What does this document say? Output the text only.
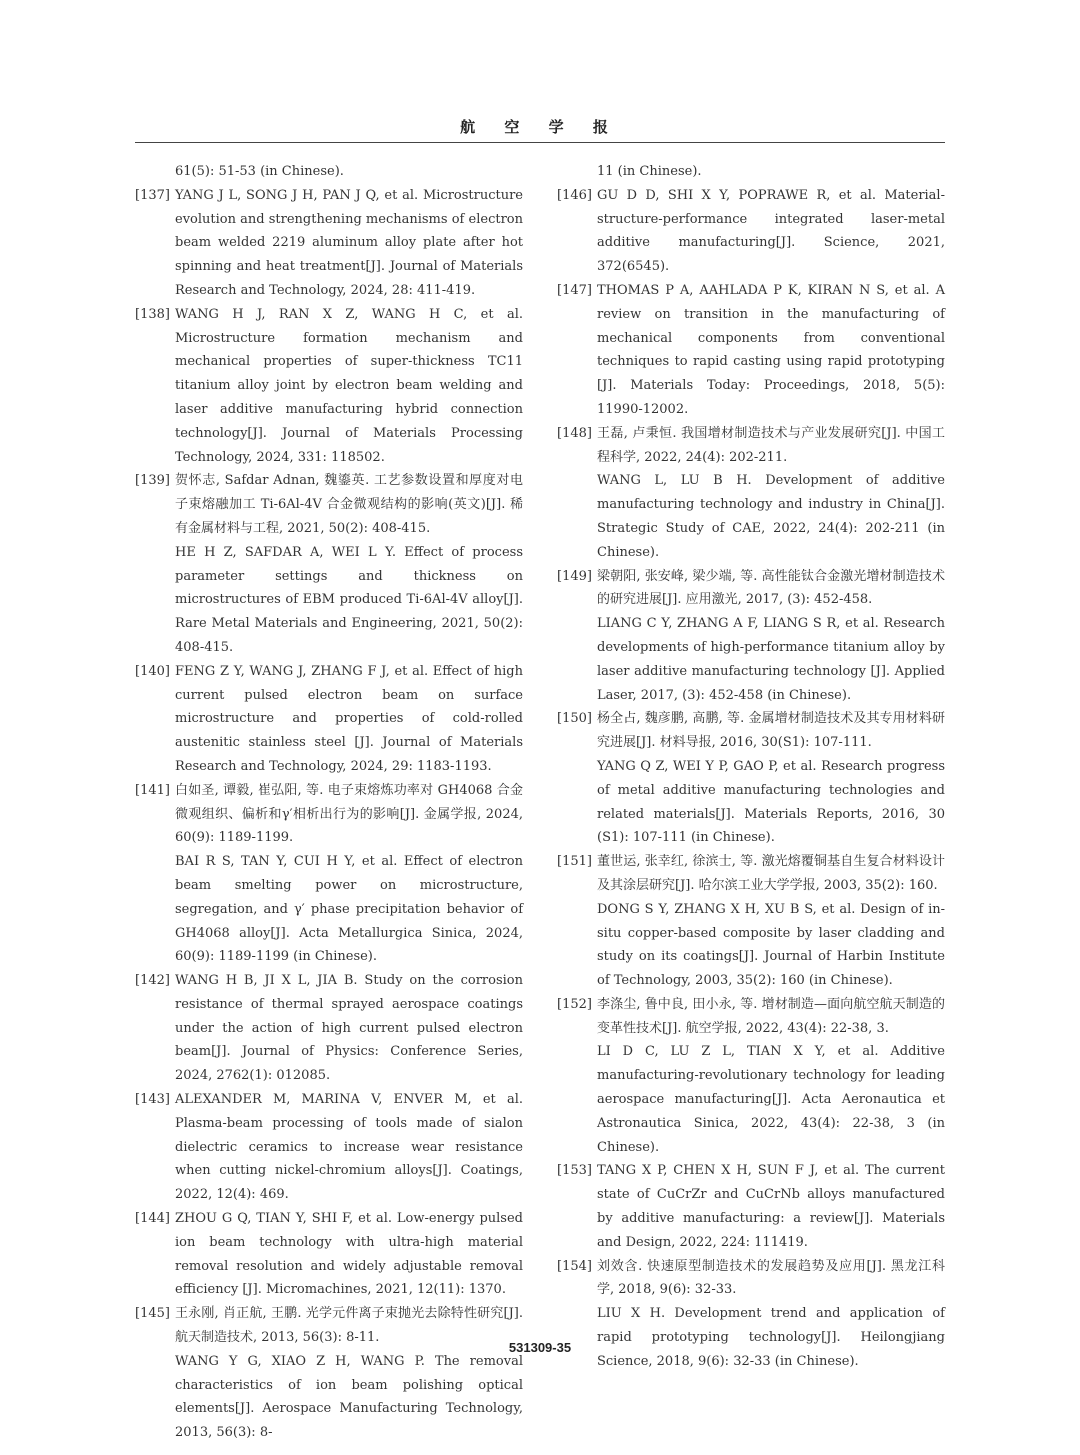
航 空 学 报
61(5): 51-53 (in Chinese).
[137] YANG J L, SONG J H, PAN J Q, et al. Microstructure evolution and strengthening mechanisms of electron beam welded 2219 aluminum alloy plate after hot spinning and heat treatment[J]. Journal of Materials Research and Technology, 2024, 28: 411-419.

[138] WANG H J, RAN X Z, WANG H C, et al. Microstructure formation mechanism and mechanical properties of super-thickness TC11 titanium alloy joint by electron beam welding and laser additive manufacturing hybrid connection technology[J]. Journal of Materials Processing Technology, 2024, 331: 118502.

[139] 贺怀志, Safdar Adnan, 魏鎏英. 工艺参数设置和厚度对电子束熔融加工 Ti-6Al-4V 合金微观结构的影响(英文)[J]. 稀有金属材料与工程, 2021, 50(2): 408-415.

HE H Z, SAFDAR A, WEI L Y. Effect of process parameter settings and thickness on microstructures of EBM produced Ti-6Al-4V alloy[J]. Rare Metal Materials and Engineering, 2021, 50(2): 408-415.

[140] FENG Z Y, WANG J, ZHANG F J, et al. Effect of high current pulsed electron beam on surface microstructure and properties of cold-rolled austenitic stainless steel [J]. Journal of Materials Research and Technology, 2024, 29: 1183-1193.

[141] 白如圣, 谭毅, 崔弘阳, 等. 电子束熔炼功率对 GH4068 合金微观组织、偏析和γ′相析出行为的影响[J]. 金属学报, 2024, 60(9): 1189-1199.

BAI R S, TAN Y, CUI H Y, et al. Effect of electron beam smelting power on microstructure, segregation, and γ′ phase precipitation behavior of GH4068 alloy[J]. Acta Metallurgica Sinica, 2024, 60(9): 1189-1199 (in Chinese).

[142] WANG H B, JI X L, JIA B. Study on the corrosion resistance of thermal sprayed aerospace coatings under the action of high current pulsed electron beam[J]. Journal of Physics: Conference Series, 2024, 2762(1): 012085.

[143] ALEXANDER M, MARINA V, ENVER M, et al. Plasma-beam processing of tools made of sialon dielectric ceramics to increase wear resistance when cutting nickel-chromium alloys[J]. Coatings, 2022, 12(4): 469.

[144] ZHOU G Q, TIAN Y, SHI F, et al. Low-energy pulsed ion beam technology with ultra-high material removal resolution and widely adjustable removal efficiency [J]. Micromachines, 2021, 12(11): 1370.

[145] 王永刚, 肖正航, 王鹏. 光学元件离子束抛光去除特性研究[J]. 航天制造技术, 2013, 56(3): 8-11.

WANG Y G, XIAO Z H, WANG P. The removal characteristics of ion beam polishing optical elements[J]. Aerospace Manufacturing Technology, 2013, 56(3): 8-

11 (in Chinese).
[146] GU D D, SHI X Y, POPRAWE R, et al. Material-structure-performance integrated laser-metal additive manufacturing[J]. Science, 2021, 372(6545).

[147] THOMAS P A, AAHLADA P K, KIRAN N S, et al. A review on transition in the manufacturing of mechanical components from conventional techniques to rapid casting using rapid prototyping [J]. Materials Today: Proceedings, 2018, 5(5): 11990-12002.

[148] 王磊, 卢秉恒. 我国增材制造技术与产业发展研究[J]. 中国工程科学, 2022, 24(4): 202-211.

WANG L, LU B H. Development of additive manufacturing technology and industry in China[J]. Strategic Study of CAE, 2022, 24(4): 202-211 (in Chinese).

[149] 梁朝阳, 张安峰, 梁少端, 等. 高性能钛合金激光增材制造技术的研究进展[J]. 应用激光, 2017, (3): 452-458.

LIANG C Y, ZHANG A F, LIANG S R, et al. Research developments of high-performance titanium alloy by laser additive manufacturing technology [J]. Applied Laser, 2017, (3): 452-458 (in Chinese).

[150] 杨全占, 魏彦鹏, 高鹏, 等. 金属增材制造技术及其专用材料研究进展[J]. 材料导报, 2016, 30(S1): 107-111.

YANG Q Z, WEI Y P, GAO P, et al. Research progress of metal additive manufacturing technologies and related materials[J]. Materials Reports, 2016, 30 (S1): 107-111 (in Chinese).

[151] 董世运, 张幸红, 徐滨士, 等. 激光熔覆铜基自生复合材料设计及其涂层研究[J]. 哈尔滨工业大学学报, 2003, 35(2): 160.

DONG S Y, ZHANG X H, XU B S, et al. Design of in-situ copper-based composite by laser cladding and study on its coatings[J]. Journal of Harbin Institute of Technology, 2003, 35(2): 160 (in Chinese).

[152] 李涤尘, 鲁中良, 田小永, 等. 增材制造—面向航空航天制造的变革性技术[J]. 航空学报, 2022, 43(4): 22-38, 3.

LI D C, LU Z L, TIAN X Y, et al. Additive manufacturing-revolutionary technology for leading aerospace manufacturing[J]. Acta Aeronautica et Astronautica Sinica, 2022, 43(4): 22-38, 3 (in Chinese).

[153] TANG X P, CHEN X H, SUN F J, et al. The current state of CuCrZr and CuCrNb alloys manufactured by additive manufacturing: a review[J]. Materials and Design, 2022, 224: 111419.

[154] 刘效含. 快速原型制造技术的发展趋势及应用[J]. 黑龙江科学, 2018, 9(6): 32-33.

LIU X H. Development trend and application of rapid prototyping technology[J]. Heilongjiang Science, 2018, 9(6): 32-33 (in Chinese).

531309-35
